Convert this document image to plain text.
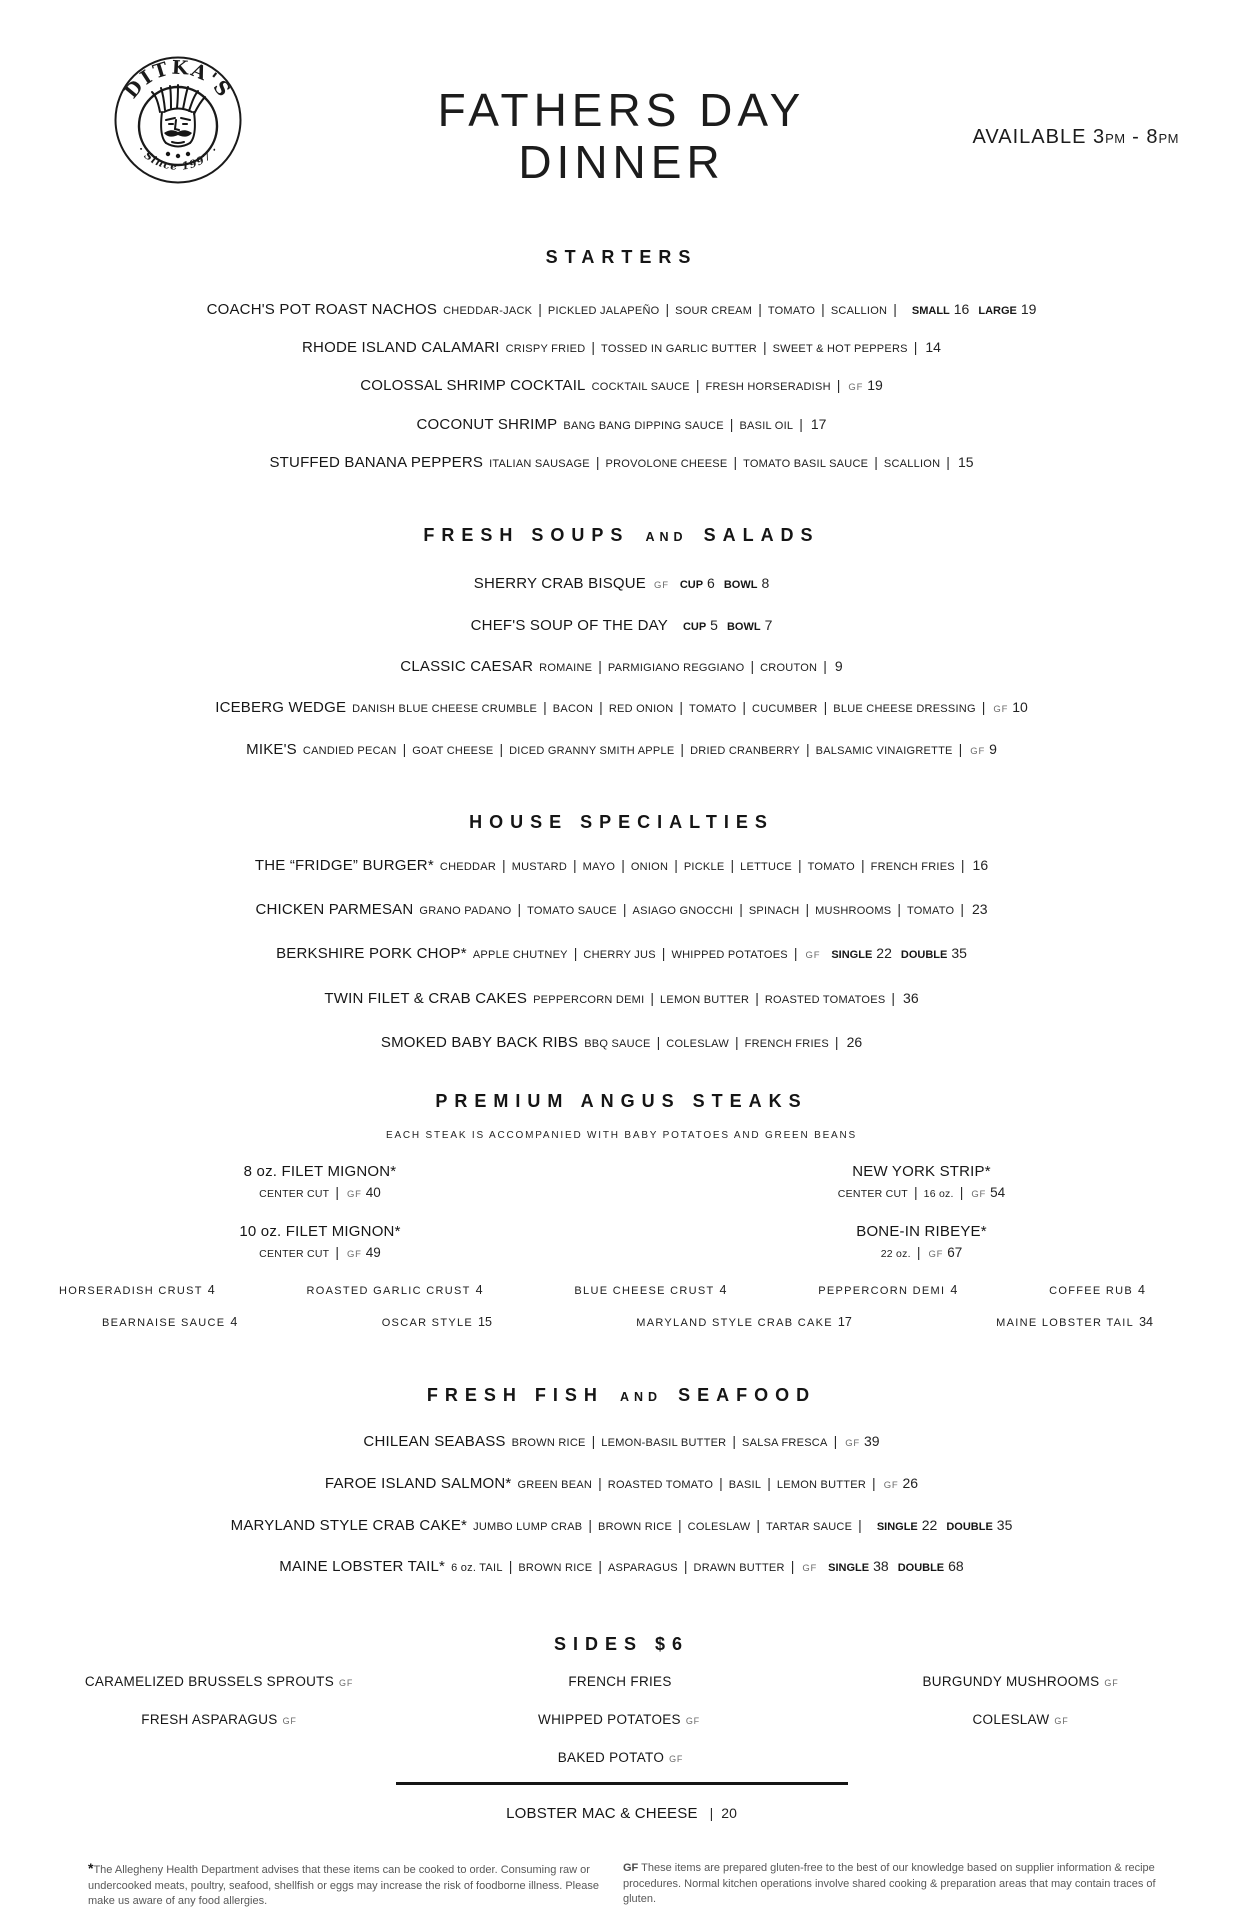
DITKA'S
· Since 1997 ·
FATHERS DAY
DINNER	AVAILABLE 3PM - 8PM
STARTERS
COACH'S POT ROAST NACHOS CHEDDAR-JACK | PICKLED JALAPEÑO | SOUR CREAM | TOMATO | SCALLION | SMALL 16 LARGE 19
RHODE ISLAND CALAMARI CRISPY FRIED | TOSSED IN GARLIC BUTTER | SWEET & HOT PEPPERS | 14
COLOSSAL SHRIMP COCKTAIL COCKTAIL SAUCE | FRESH HORSERADISH | GF 19
COCONUT SHRIMP BANG BANG DIPPING SAUCE | BASIL OIL | 17
STUFFED BANANA PEPPERS ITALIAN SAUSAGE | PROVOLONE CHEESE | TOMATO BASIL SAUCE | SCALLION | 15
FRESH SOUPS AND SALADS
SHERRY CRAB BISQUE GF CUP 6 BOWL 8
CHEF'S SOUP OF THE DAY CUP 5 BOWL 7
CLASSIC CAESAR ROMAINE | PARMIGIANO REGGIANO | CROUTON | 9
ICEBERG WEDGE DANISH BLUE CHEESE CRUMBLE | BACON | RED ONION | TOMATO | CUCUMBER | BLUE CHEESE DRESSING | GF 10
MIKE'S CANDIED PECAN | GOAT CHEESE | DICED GRANNY SMITH APPLE | DRIED CRANBERRY | BALSAMIC VINAIGRETTE | GF 9
HOUSE SPECIALTIES
THE “FRIDGE” BURGER* CHEDDAR | MUSTARD | MAYO | ONION | PICKLE | LETTUCE | TOMATO | FRENCH FRIES | 16
CHICKEN PARMESAN GRANO PADANO | TOMATO SAUCE | ASIAGO GNOCCHI | SPINACH | MUSHROOMS | TOMATO | 23
BERKSHIRE PORK CHOP* APPLE CHUTNEY | CHERRY JUS | WHIPPED POTATOES | GF SINGLE 22 DOUBLE 35
TWIN FILET & CRAB CAKES PEPPERCORN DEMI | LEMON BUTTER | ROASTED TOMATOES | 36
SMOKED BABY BACK RIBS BBQ SAUCE | COLESLAW | FRENCH FRIES | 26
PREMIUM ANGUS STEAKS
EACH STEAK IS ACCOMPANIED WITH BABY POTATOES AND GREEN BEANS
8 oz. FILET MIGNON*
CENTER CUT | GF 40
NEW YORK STRIP*
CENTER CUT | 16 oz. | GF 54
10 oz. FILET MIGNON*
CENTER CUT | GF 49
BONE-IN RIBEYE*
22 oz. | GF 67
HORSERADISH CRUST 4	ROASTED GARLIC CRUST 4	BLUE CHEESE CRUST 4	PEPPERCORN DEMI 4	COFFEE RUB 4
BEARNAISE SAUCE 4	OSCAR STYLE 15	MARYLAND STYLE CRAB CAKE 17	MAINE LOBSTER TAIL 34
FRESH FISH AND SEAFOOD
CHILEAN SEABASS BROWN RICE | LEMON-BASIL BUTTER | SALSA FRESCA | GF 39
FAROE ISLAND SALMON* GREEN BEAN | ROASTED TOMATO | BASIL | LEMON BUTTER | GF 26
MARYLAND STYLE CRAB CAKE* JUMBO LUMP CRAB | BROWN RICE | COLESLAW | TARTAR SAUCE | SINGLE 22 DOUBLE 35
MAINE LOBSTER TAIL* 6 oz. TAIL | BROWN RICE | ASPARAGUS | DRAWN BUTTER | GF SINGLE 38 DOUBLE 68
SIDES $6
CARAMELIZED BRUSSELS SPROUTS GF	FRENCH FRIES	BURGUNDY MUSHROOMS GF
FRESH ASPARAGUS GF	WHIPPED POTATOES GF	COLESLAW GF
BAKED POTATO GF
LOBSTER MAC & CHEESE | 20
*The Allegheny Health Department advises that these items can be cooked to order. Consuming raw or undercooked meats, poultry, seafood, shellfish or eggs may increase the risk of foodborne illness. Please make us aware of any food allergies.
GF These items are prepared gluten-free to the best of our knowledge based on supplier information & recipe procedures. Normal kitchen operations involve shared cooking & preparation areas that may contain traces of gluten.
